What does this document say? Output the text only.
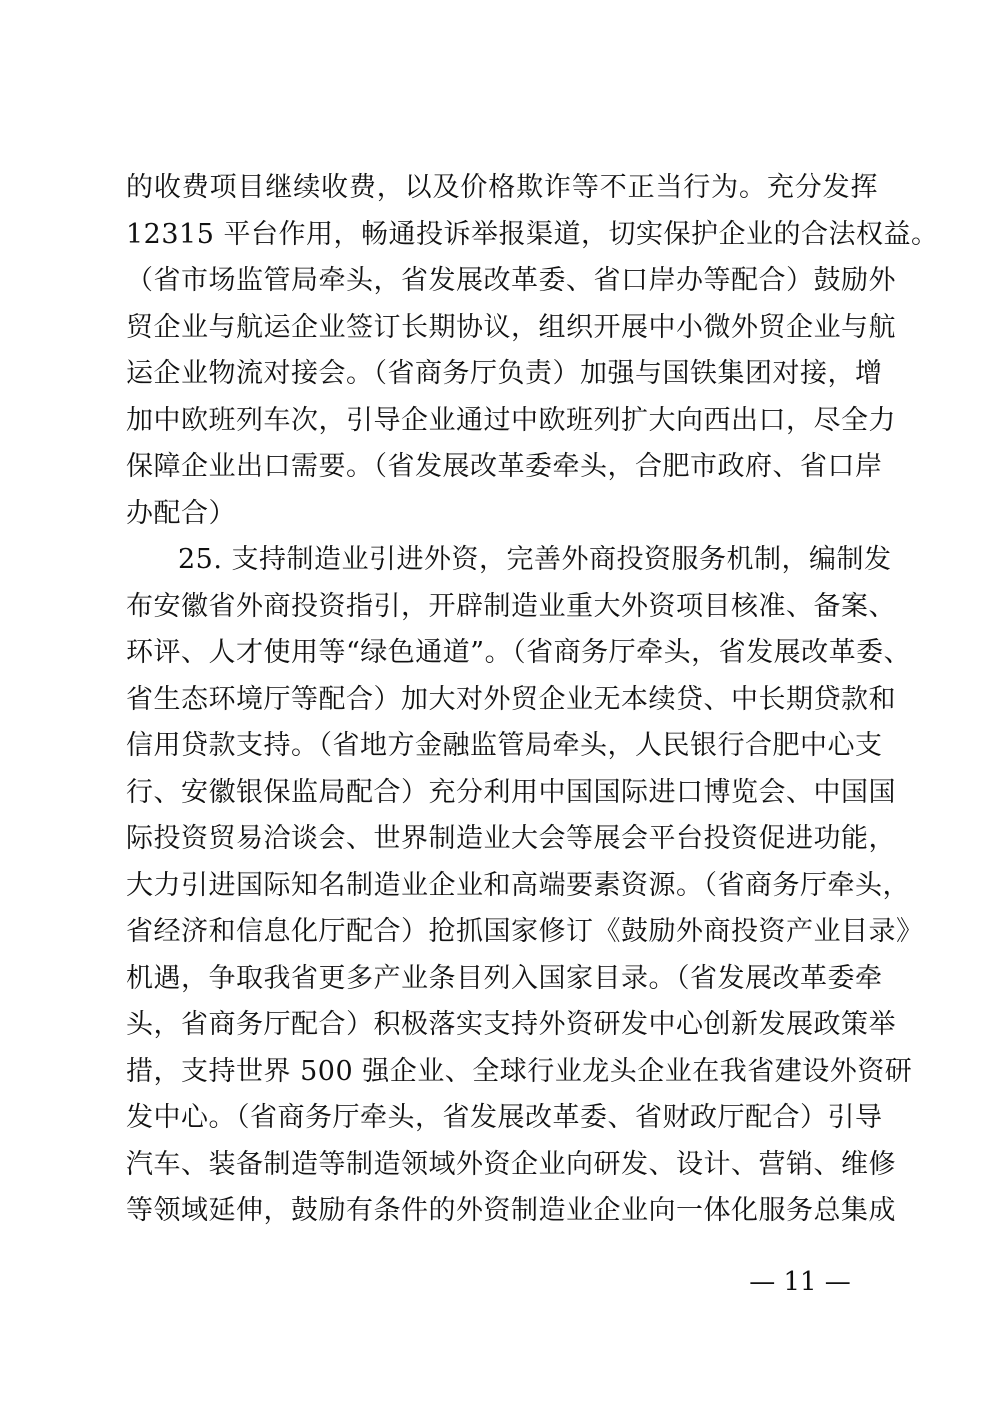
的收费项目继续收费，以及价格欺诈等不正当行为。充分发挥
12315 平台作用，畅通投诉举报渠道，切实保护企业的合法权益。
（省市场监管局牵头，省发展改革委、省口岸办等配合）鼓励外
贸企业与航运企业签订长期协议，组织开展中小微外贸企业与航
运企业物流对接会。（省商务厅负责）加强与国铁集团对接，增
加中欧班列车次，引导企业通过中欧班列扩大向西出口，尽全力
保障企业出口需要。（省发展改革委牵头，合肥市政府、省口岸
办配合）
25. 支持制造业引进外资，完善外商投资服务机制，编制发
布安徽省外商投资指引，开辟制造业重大外资项目核准、备案、
环评、人才使用等“绿色通道”。（省商务厅牵头，省发展改革委、
省生态环境厅等配合）加大对外贸企业无本续贷、中长期贷款和
信用贷款支持。（省地方金融监管局牵头，人民银行合肥中心支
行、安徽银保监局配合）充分利用中国国际进口博览会、中国国
际投资贸易洽谈会、世界制造业大会等展会平台投资促进功能，
大力引进国际知名制造业企业和高端要素资源。（省商务厅牵头，
省经济和信息化厅配合）抢抓国家修订《鼓励外商投资产业目录》
机遇，争取我省更多产业条目列入国家目录。（省发展改革委牵
头，省商务厅配合）积极落实支持外资研发中心创新发展政策举
措，支持世界 500 强企业、全球行业龙头企业在我省建设外资研
发中心。（省商务厅牵头，省发展改革委、省财政厅配合）引导
汽车、装备制造等制造领域外资企业向研发、设计、营销、维修
等领域延伸，鼓励有条件的外资制造业企业向一体化服务总集成
— 11 —
